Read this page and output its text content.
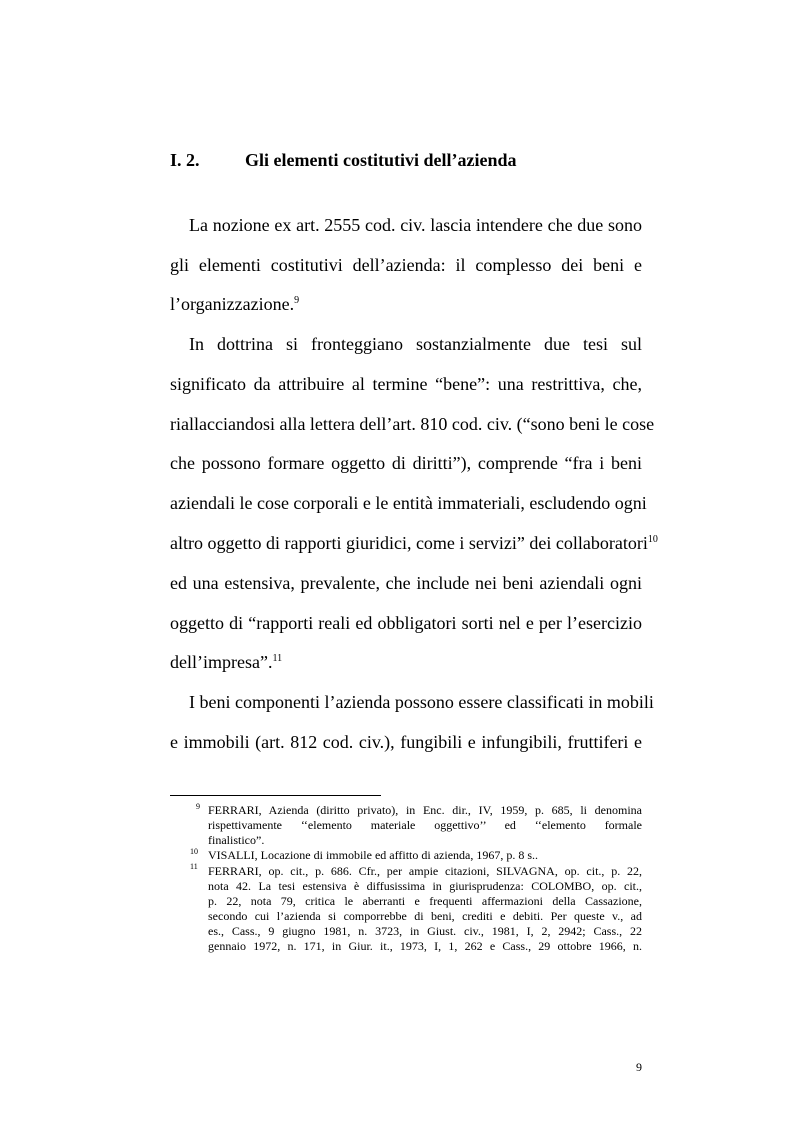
I. 2.	Gli elementi costitutivi dell’azienda
La nozione ex art. 2555 cod. civ. lascia intendere che due sono
gli elementi costitutivi dell’azienda: il complesso dei beni e
l’organizzazione.$^9$
In dottrina si fronteggiano sostanzialmente due tesi sul
significato da attribuire al termine “bene”: una restrittiva, che,
riallacciandosi alla lettera dell’art. 810 cod. civ. (“sono beni le cose
che possono formare oggetto di diritti”), comprende “fra i beni
aziendali le cose corporali e le entità immateriali, escludendo ogni
altro oggetto di rapporti giuridici, come i servizi” dei collaboratori$^{10}$
ed una estensiva, prevalente, che include nei beni aziendali ogni
oggetto di “rapporti reali ed obbligatori sorti nel e per l’esercizio
dell’impresa”.$^{11}$
I beni componenti l’azienda possono essere classificati in mobili
e immobili (art. 812 cod. civ.), fungibili e infungibili, fruttiferi e
9 FERRARI, Azienda (diritto privato), in Enc. dir., IV, 1959, p. 685, li denomina
rispettivamente ‘‘elemento materiale oggettivo’’ ed ‘‘elemento formale
finalistico”.
10 VISALLI, Locazione di immobile ed affitto di azienda, 1967, p. 8 s..
11 FERRARI, op. cit., p. 686. Cfr., per ampie citazioni, SILVAGNA, op. cit., p. 22,
nota 42. La tesi estensiva è diffusissima in giurisprudenza: COLOMBO, op. cit.,
p. 22, nota 79, critica le aberranti e frequenti affermazioni della Cassazione,
secondo cui l’azienda si comporrebbe di beni, crediti e debiti. Per queste v., ad
es., Cass., 9 giugno 1981, n. 3723, in Giust. civ., 1981, I, 2, 2942; Cass., 22
gennaio 1972, n. 171, in Giur. it., 1973, I, 1, 262 e Cass., 29 ottobre 1966, n.
9
